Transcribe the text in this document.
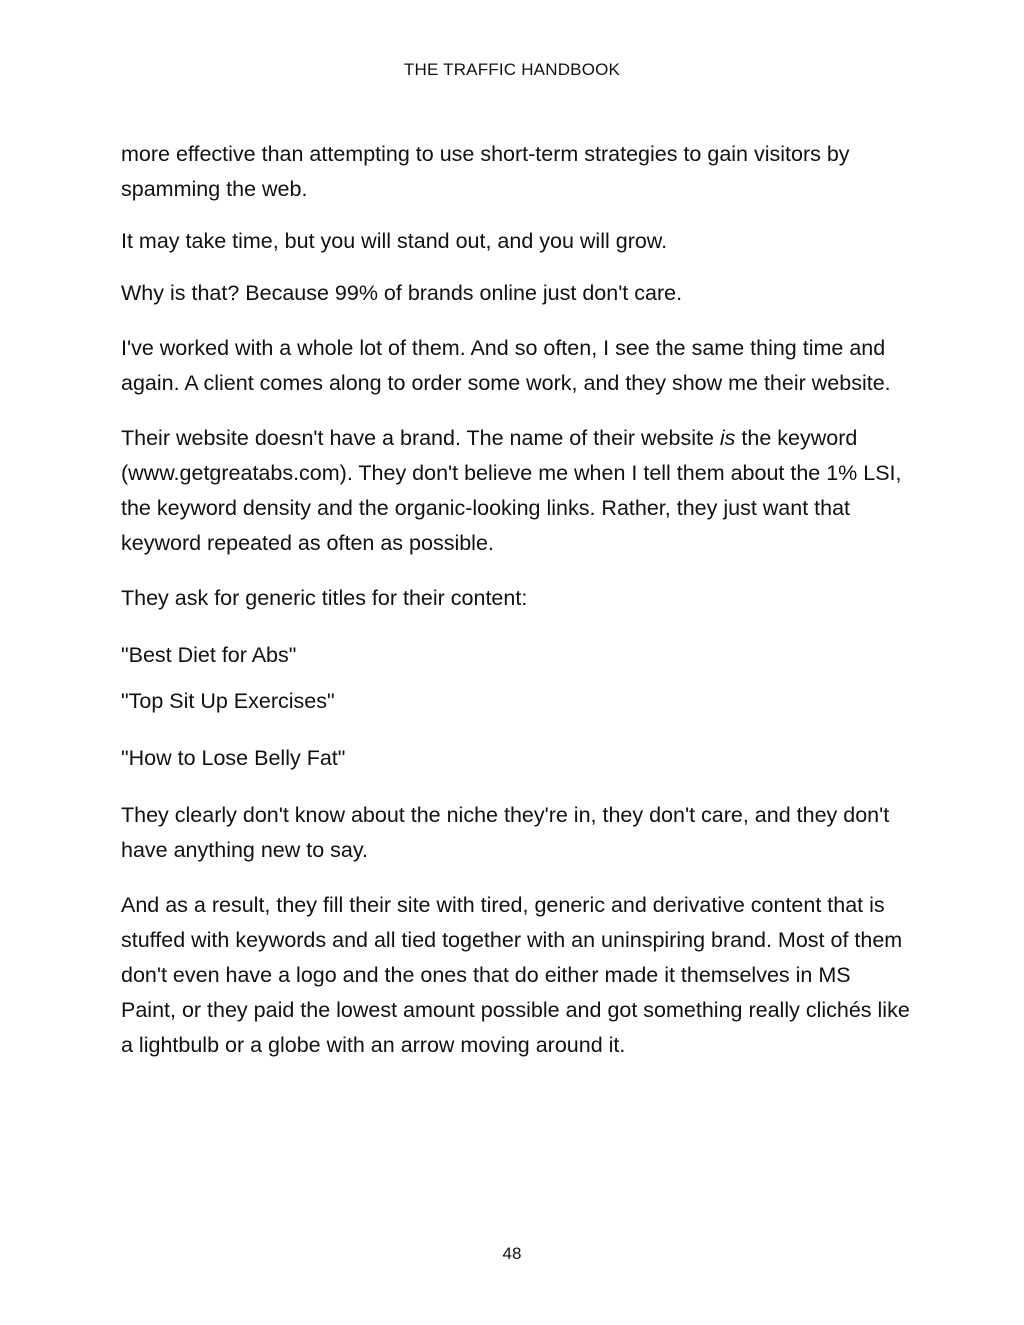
THE TRAFFIC HANDBOOK

more effective than attempting to use short-term strategies to gain visitors by spamming the web.

It may take time, but you will stand out, and you will grow.

Why is that? Because 99% of brands online just don't care.

I've worked with a whole lot of them. And so often, I see the same thing time and again. A client comes along to order some work, and they show me their website.

Their website doesn't have a brand. The name of their website is the keyword (www.getgreatabs.com). They don't believe me when I tell them about the 1% LSI, the keyword density and the organic-looking links. Rather, they just want that keyword repeated as often as possible.

They ask for generic titles for their content:

"Best Diet for Abs"

"Top Sit Up Exercises"

"How to Lose Belly Fat"

They clearly don't know about the niche they're in, they don't care, and they don't have anything new to say.

And as a result, they fill their site with tired, generic and derivative content that is stuffed with keywords and all tied together with an uninspiring brand. Most of them don't even have a logo and the ones that do either made it themselves in MS Paint, or they paid the lowest amount possible and got something really clichés like a lightbulb or a globe with an arrow moving around it.

48
